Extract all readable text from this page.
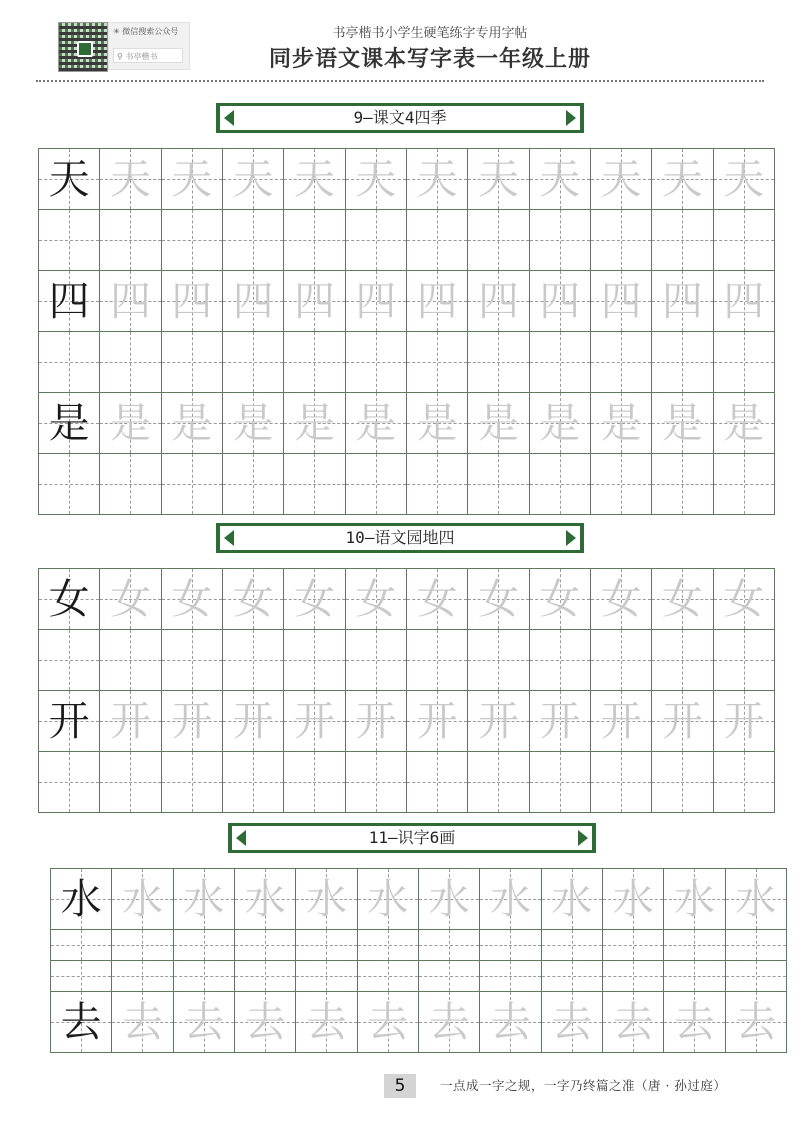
✳ 微信搜索公众号
⚲ 书亭楷书
书亭楷书小学生硬笔练字专用字帖
同步语文课本写字表一年级上册
9—课文4四季
天	天	天	天	天	天	天	天	天	天	天	天

四	四	四	四	四	四	四	四	四	四	四	四

是	是	是	是	是	是	是	是	是	是	是	是

10—语文园地四
女	女	女	女	女	女	女	女	女	女	女	女

开	开	开	开	开	开	开	开	开	开	开	开

11—识字6画
水	水	水	水	水	水	水	水	水	水	水	水

去	去	去	去	去	去	去	去	去	去	去	去
5	一点成一字之规，一字乃终篇之准（唐 · 孙过庭）
